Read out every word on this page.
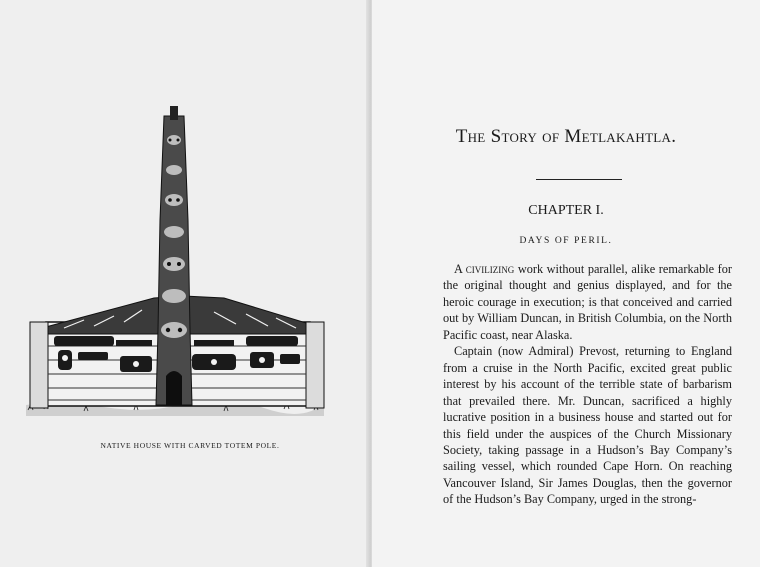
NATIVE HOUSE WITH CARVED TOTEM POLE.
The Story of Metlakahtla.
CHAPTER I.
DAYS OF PERIL.

A civilizing work without parallel, alike remarkable for the original thought and genius displayed, and for the heroic courage in execution; is that conceived and carried out by William Duncan, in British Columbia, on the North Pacific coast, near Alaska.

Captain (now Admiral) Prevost, returning to England from a cruise in the North Pacific, excited great public interest by his account of the terrible state of barbarism that prevailed there. Mr. Duncan, sacrificed a highly lucrative position in a business house and started out for this field under the auspices of the Church Missionary Society, taking passage in a Hudson’s Bay Company’s sailing vessel, which rounded Cape Horn. On reaching Vancouver Island, Sir James Douglas, then the governor of the Hudson’s Bay Company, urged in the strong-
